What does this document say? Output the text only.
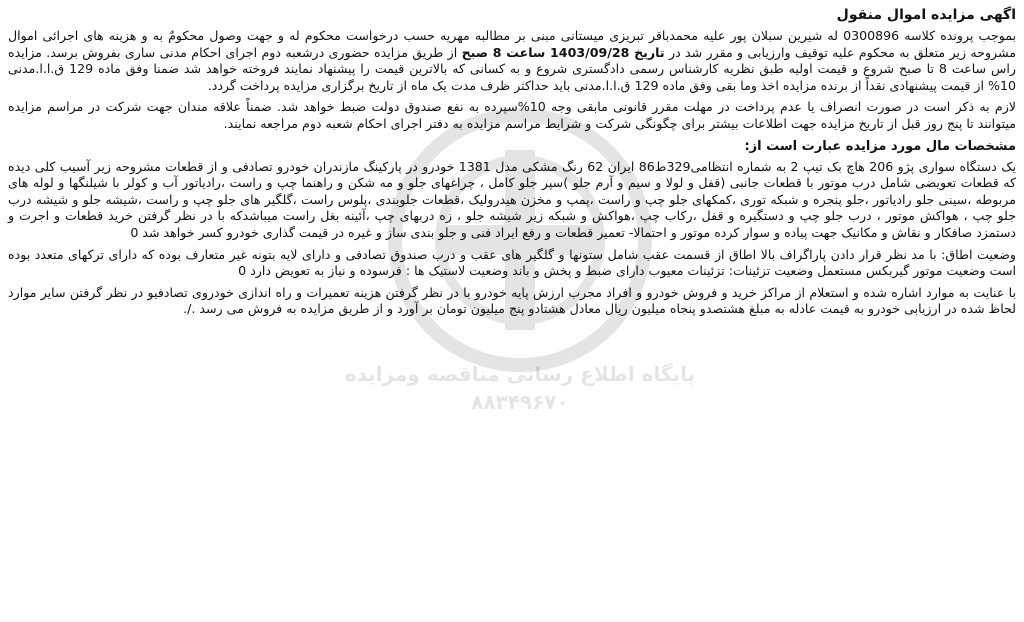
پایگاه اطلاع رسانی مناقصه ومزایده
۸۸۳۴۹۶۷۰
اگهی مزایده اموال منقول

بموجب پرونده کلاسه 0300896 له شیرین سبلان پور علیه محمدباقر تبریزی میستانی مبنی بر مطالبه مهریه حسب درخواست محکوم له و جهت وصول محکومٌ به و هزینه های اجرائی اموال مشروحه زیر متعلق به محکوم علیه توقیف وارزیابی و مقرر شد در تاریخ 1403/09/28 ساعت 8 صبح از طریق مزایده حضوری درشعبه دوم اجرای احکام مدنی ساری بفروش برسد. مزایده راس ساعت 8 تا صبح شروع و قیمت اولیه طبق نظریه کارشناس رسمی دادگستری شروع و به کسانی که بالاترین قیمت را پیشنهاد نمایند فروخته خواهد شد ضمنا وفق ماده 129 ق.ا.ا.مدنی 10% از قیمت پیشنهادی نقداً از برنده مزایده اخذ وما بقی وفق ماده 129 ق.ا.ا.مدنی باید حداکثر ظرف مدت یک ماه از تاریخ برگزاری مزایده پرداخت گردد.

لازم به ذکر است در صورت انصراف یا عدم پرداخت در مهلت مقرر قانونی مابقی وجه 10%سپرده به نفع صندوق دولت ضبط خواهد شد. ضمناً علاقه مندان جهت شرکت در مراسم مزایده میتوانند تا پنج روز قبل از تاریخ مزایده جهت اطلاعات بیشتر برای چگونگی شرکت و شرایط مراسم مزایده به دفتر اجرای احکام شعبه دوم مراجعه نمایند.

مشخصات مال مورد مزایده عبارت است از:

یک دستگاه سواری پژو 206 هاچ بک تیپ 2 به شماره انتظامی329ط86 ایران 62 رنگ مشکی مدل 1381 خودرو در پارکینگ مازندران خودرو تصادفی و از قطعات مشروحه زیر آسیب کلی دیده که قطعات تعویضی شامل درب موتور با قطعات جانبی (قفل و لولا و سیم و آرم جلو )سپر جلو کامل ، چراغهای جلو و مه شکن و راهنما چپ و راست ،رادیاتور آب و کولر با شیلنگها و لوله های مربوطه ،سینی جلو رادیاتور ،جلو پنجره و شبکه توری ،کمکهای جلو چپ و راست ،پمپ و مخزن هیدرولیک ،قطعات جلوبندی ،پلوس راست ،گلگیر های جلو چپ و راست ،شیشه جلو و شیشه درب جلو چپ ، هواکش موتور ، درب جلو چپ و دستگیره و قفل ،رکاب چپ ،هواکش و شبکه زیر شیشه جلو ، زه دربهای چپ ،آئینه بغل راست میباشدکه با در نظر گرفتن خرید قطعات و اجرت و دستمزد صافکار و نقاش و مکانیک جهت پیاده و سوار کرده موتور و احتمالا- تعمیر قطعات و رفع ایراد فنی و جلو بندی ساز و غیره در قیمت گذاری خودرو کسر خواهد شد 0

وضعیت اطاق: با مد نظر قرار دادن پاراگراف بالا اطاق از قسمت عقب شامل ستونها و گلگیر های عقب و درب صندوق تصادفی و دارای لایه بتونه غیر متعارف بوده که دارای ترکهای متعدد بوده است وضعیت موتور گیربکس مستعمل وضعیت تزئینات: تزئینات معیوب دارای ضبط و پخش و باند وضعیت لاستیک ها : فرسوده و نیاز به تعویض دارد 0

با عنایت به موارد اشاره شده و استعلام از مراکز خرید و فروش خودرو و افراد مجرب ارزش پایه خودرو با در نظر گرفتن هزینه تعمیرات و راه اندازی خودروی تصادفیو در نظر گرفتن سایر موارد لحاظ شده در ارزیابی خودرو به قیمت عادله به مبلغ هشتصدو پنجاه میلیون ریال معادل هشتادو پنج میلیون تومان بر آورد و از طریق مزایده به فروش می رسد ./.
